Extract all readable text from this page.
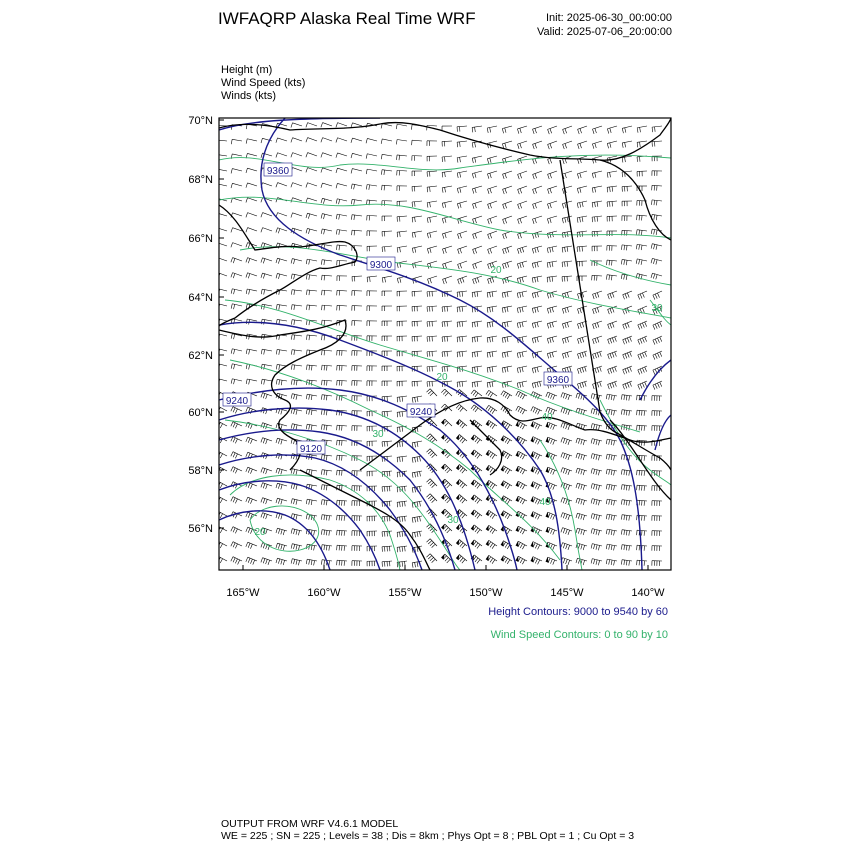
IWFAQRP Alaska Real Time WRF	Init: 2025-06-30_00:00:00
Valid: 2025-07-06_20:00:00
Height (m)
Wind Speed (kts)
Winds (kts)
70°N
68°N
66°N
64°N
62°N
60°N
58°N
56°N
165°W	160°W	155°W	150°W	145°W	140°W
9360
9300
9360
9240
9240
9120
20
30
20
40
30
40
30
20
Height Contours: 9000 to 9540 by 60
Wind Speed Contours: 0 to 90 by 10
OUTPUT FROM WRF V4.6.1 MODEL
WE = 225 ; SN = 225 ; Levels = 38 ; Dis = 8km ; Phys Opt = 8 ; PBL Opt = 1 ; Cu Opt = 3
